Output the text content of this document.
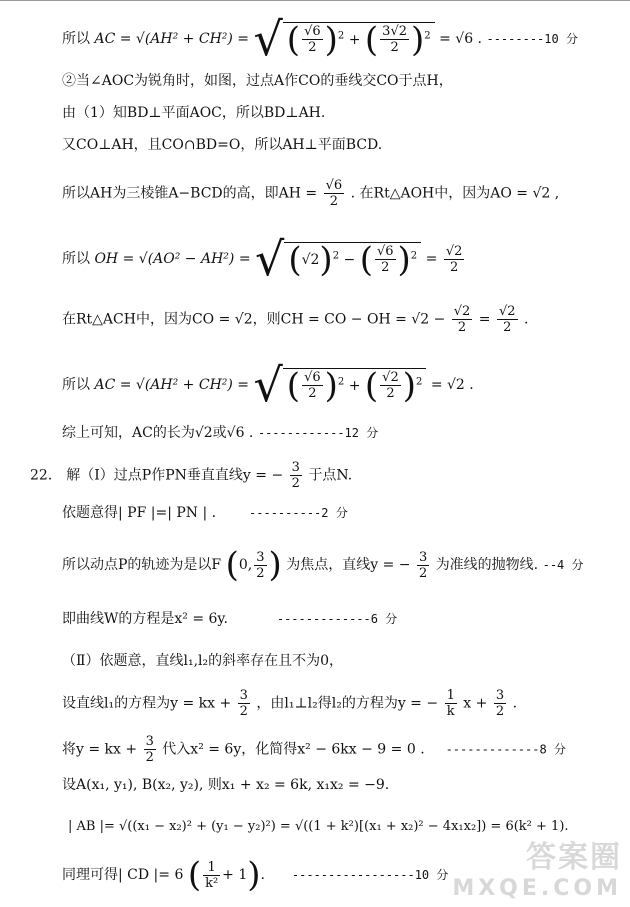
所以 AC = √(AH² + CH²) = √ ( $\frac{√6}{2} )^2$ + ( $\frac{3√2}{2} )^2 = √6$ . --------10 分
②当∠AOC为锐角时，如图，过点A作CO的垂线交CO于点H，
由（1）知BD⊥平面AOC，所以BD⊥AH.
又CO⊥AH，且CO∩BD=O，所以AH⊥平面BCD.
所以AH为三棱锥A−BCD的高，即AH = $\frac{√6}{2}$ . 在Rt△AOH中，因为AO = √2 ,
所以 OH = √(AO² − AH²) = √ $(√2)^2$ − ( $\frac{√6}{2} )^2 = \frac{√2}{2}$
在Rt△ACH中，因为CO = √2，则CH = CO − OH = $√2 - \frac{√2}{2} = \frac{√2}{2}$ .
所以 AC = √(AH² + CH²) = √ ( $\frac{√6}{2} )^2$ + ( $\frac{√2}{2} )^2 = √2$ .
综上可知，AC的长为√2或√6 . ------------12 分
22． 解（Ⅰ）过点P作PN垂直直线y = − $\frac{3}{2}$ 于点N.
依题意得| PF |=| PN | .	----------2 分
所以动点P的轨迹为是以F (0, $\frac{3}{2}$ ) 为焦点，直线y = − $\frac{3}{2}$ 为准线的抛物线. --4 分
即曲线W的方程是x² = 6y.	-------------6 分
（Ⅱ）依题意，直线l₁,l₂的斜率存在且不为0，
设直线l₁的方程为y = kx + $\frac{3}{2}$ ，由l₁⊥l₂得l₂的方程为y = − $\frac{1}{k}$ $x + \frac{3}{2}$ .
将y = kx + $\frac{3}{2}$ 代入x² = 6y，化简得x² − 6kx − 9 = 0 . -------------8 分
设A(x₁, y₁), B(x₂, y₂), 则x₁ + x₂ = 6k, x₁x₂ = −9.
| AB |= √((x₁ − x₂)² + (y₁ − y₂)²) = √((1 + k²)[(x₁ + x₂)² − 4x₁x₂]) = 6(k² + 1).
同理可得| CD |= 6 ( $\frac{1}{\text{k²}} + 1$). -----------------10 分	答案圈
MXQE.COM
